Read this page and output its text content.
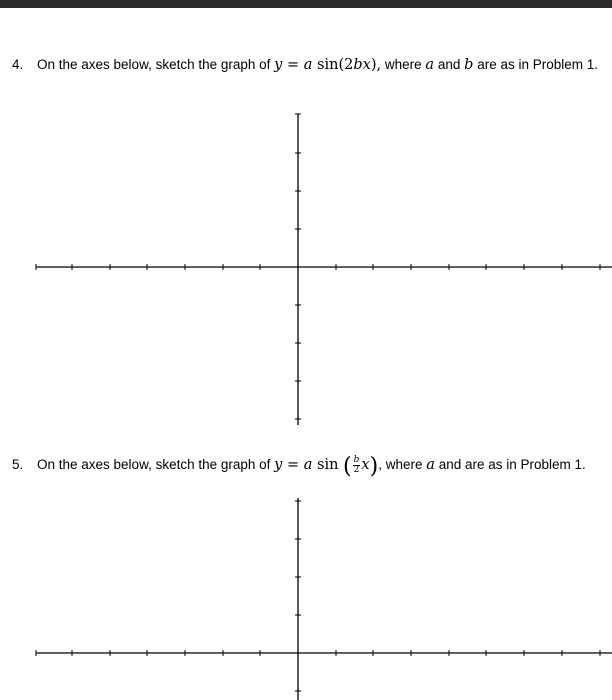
4. On the axes below, sketch the graph of y = a sin(2bx), where a and b are as in Problem 1.
5. On the axes below, sketch the graph of y = a sin ( $\frac{b}{2} x$), where a and are as in Problem 1.
